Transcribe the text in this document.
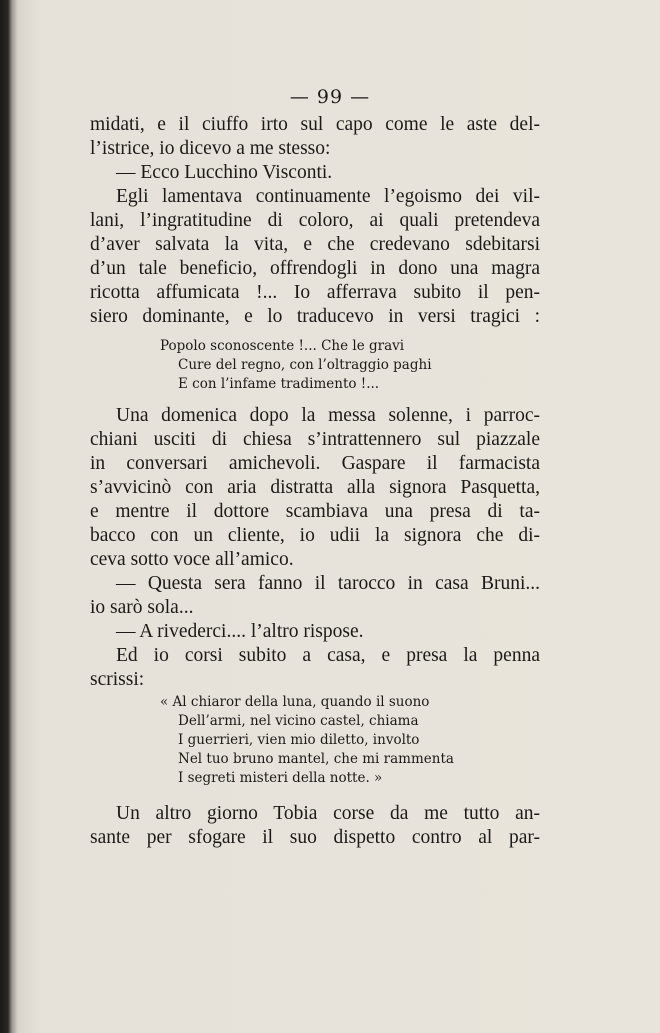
— 99 —
midati, e il ciuffo irto sul capo come le aste del-
l’istrice, io dicevo a me stesso:
— Ecco Lucchino Visconti.
Egli lamentava continuamente l’egoismo dei vil-
lani, l’ingratitudine di coloro, ai quali pretendeva
d’aver salvata la vita, e che credevano sdebitarsi
d’un tale beneficio, offrendogli in dono una magra
ricotta affumicata !... Io afferrava subito il pen-
siero dominante, e lo traducevo in versi tragici :
Popolo sconoscente !... Che le gravi
Cure del regno, con l’oltraggio paghi
E con l’infame tradimento !...
Una domenica dopo la messa solenne, i parroc-
chiani usciti di chiesa s’intrattennero sul piazzale
in conversari amichevoli. Gaspare il farmacista
s’avvicinò con aria distratta alla signora Pasquetta,
e mentre il dottore scambiava una presa di ta-
bacco con un cliente, io udii la signora che di-
ceva sotto voce all’amico.
— Questa sera fanno il tarocco in casa Bruni...
io sarò sola...
— A rivederci.... l’altro rispose.
Ed io corsi subito a casa, e presa la penna
scrissi:
« Al chiaror della luna, quando il suono
Dell’armi, nel vicino castel, chiama
I guerrieri, vien mio diletto, involto
Nel tuo bruno mantel, che mi rammenta
I segreti misteri della notte. »
Un altro giorno Tobia corse da me tutto an-
sante per sfogare il suo dispetto contro al par-
